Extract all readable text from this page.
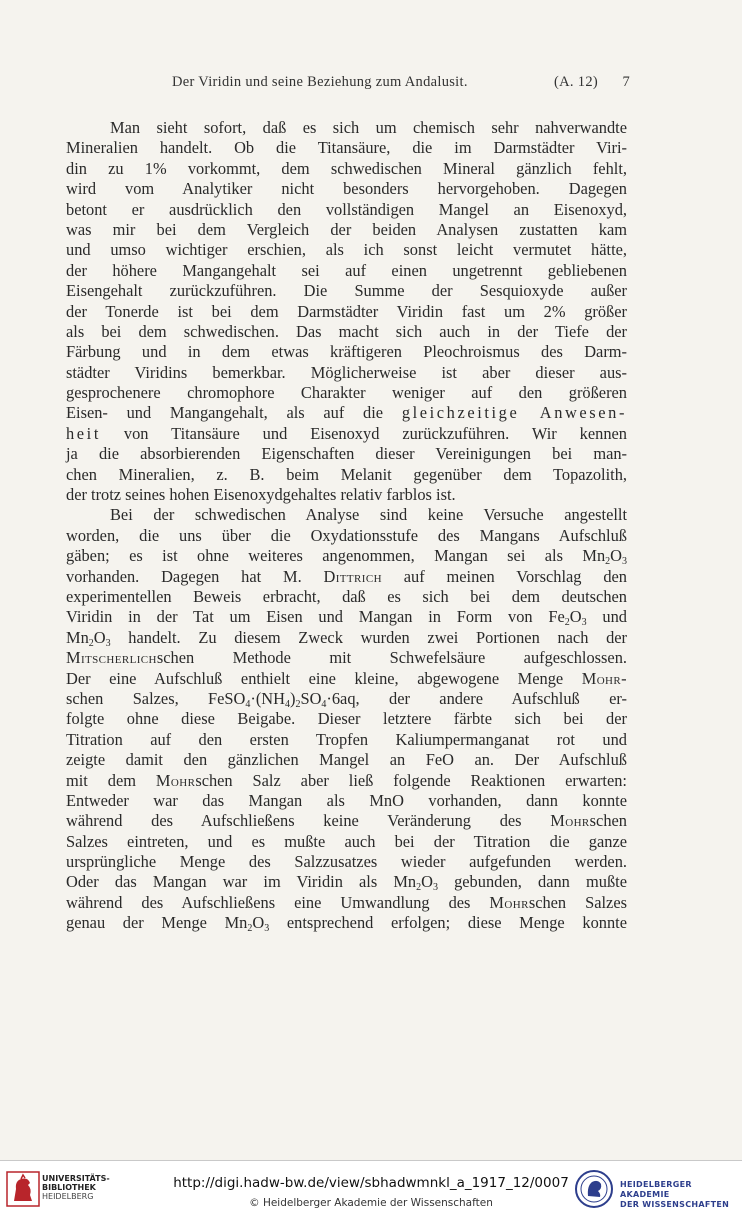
Der Viridin und seine Beziehung zum Andalusit.	(A. 12) 7
Man sieht sofort, daß es sich um chemisch sehr nahverwandte
Mineralien handelt. Ob die Titansäure, die im Darmstädter Viri-
din zu 1% vorkommt, dem schwedischen Mineral gänzlich fehlt,
wird vom Analytiker nicht besonders hervorgehoben. Dagegen
betont er ausdrücklich den vollständigen Mangel an Eisenoxyd,
was mir bei dem Vergleich der beiden Analysen zustatten kam
und umso wichtiger erschien, als ich sonst leicht vermutet hätte,
der höhere Mangangehalt sei auf einen ungetrennt gebliebenen
Eisengehalt zurückzuführen. Die Summe der Sesquioxyde außer
der Tonerde ist bei dem Darmstädter Viridin fast um 2% größer
als bei dem schwedischen. Das macht sich auch in der Tiefe der
Färbung und in dem etwas kräftigeren Pleochroismus des Darm-
städter Viridins bemerkbar. Möglicherweise ist aber dieser aus-
gesprochenere chromophore Charakter weniger auf den größeren
Eisen- und Mangangehalt, als auf die gleichzeitige Anwesen-
heit von Titansäure und Eisenoxyd zurückzuführen. Wir kennen
ja die absorbierenden Eigenschaften dieser Vereinigungen bei man-
chen Mineralien, z. B. beim Melanit gegenüber dem Topazolith,
der trotz seines hohen Eisenoxydgehaltes relativ farblos ist.
Bei der schwedischen Analyse sind keine Versuche angestellt
worden, die uns über die Oxydationsstufe des Mangans Aufschluß
gäben; es ist ohne weiteres angenommen, Mangan sei als $Mn_2O_3$
vorhanden. Dagegen hat M. Dittrich auf meinen Vorschlag den
experimentellen Beweis erbracht, daß es sich bei dem deutschen
Viridin in der Tat um Eisen und Mangan in Form von $Fe_2O_3$ und
$Mn_2O_3$ handelt. Zu diesem Zweck wurden zwei Portionen nach der
Mitscherlichschen Methode mit Schwefelsäure aufgeschlossen.
Der eine Aufschluß enthielt eine kleine, abgewogene Menge Mohr-
schen Salzes, $FeSO_4\cdot(NH_4)_2SO_4\cdot 6aq$, der andere Aufschluß er-
folgte ohne diese Beigabe. Dieser letztere färbte sich bei der
Titration auf den ersten Tropfen Kaliumpermanganat rot und
zeigte damit den gänzlichen Mangel an FeO an. Der Aufschluß
mit dem Mohrschen Salz aber ließ folgende Reaktionen erwarten:
Entweder war das Mangan als MnO vorhanden, dann konnte
während des Aufschließens keine Veränderung des Mohrschen
Salzes eintreten, und es mußte auch bei der Titration die ganze
ursprüngliche Menge des Salzzusatzes wieder aufgefunden werden.
Oder das Mangan war im Viridin als $Mn_2O_3$ gebunden, dann mußte
während des Aufschließens eine Umwandlung des Mohrschen Salzes
genau der Menge $Mn_2O_3$ entsprechend erfolgen; diese Menge konnte
UNIVERSITÄTS-
BIBLIOTHEK
HEIDELBERG
http://digi.hadw-bw.de/view/sbhadwmnkl_a_1917_12/0007
© Heidelberger Akademie der Wissenschaften
HEIDELBERGER AKADEMIE
DER WISSENSCHAFTEN
